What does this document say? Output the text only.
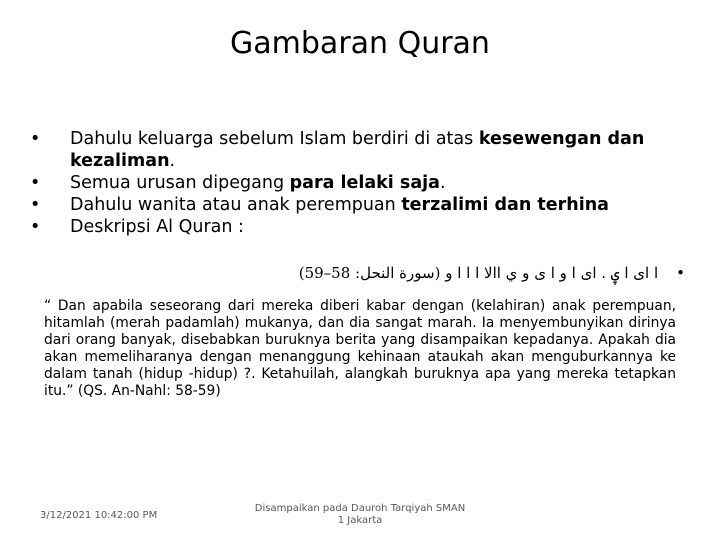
Gambaran Quran
•	Dahulu keluarga sebelum Islam berdiri di atas kesewengan dan kezaliman.
•	Semua urusan dipegang para lelaki saja.
•	Dahulu wanita atau anak perempuan terzalimi dan terhina
•	Deskripsi Al Quran :
•ا اى ا ۑ . اى ا و ا ى و ي االا ا ا ا و (سورة النحل: 58–59)

“ Dan apabila seseorang dari mereka diberi kabar dengan (kelahiran) anak perempuan, hitamlah (merah padamlah) mukanya, dan dia sangat marah. Ia menyembunyikan dirinya dari orang banyak, disebabkan buruknya berita yang disampaikan kepadanya. Apakah dia akan memeliharanya dengan menanggung kehinaan ataukah akan menguburkannya ke dalam tanah (hidup -hidup) ?. Ketahuilah, alangkah buruknya apa yang mereka tetapkan itu.” (QS. An-Nahl: 58-59)

3/12/2021 10:42:00 PM
Disampaikan pada Dauroh Tarqiyah SMAN
1 Jakarta
